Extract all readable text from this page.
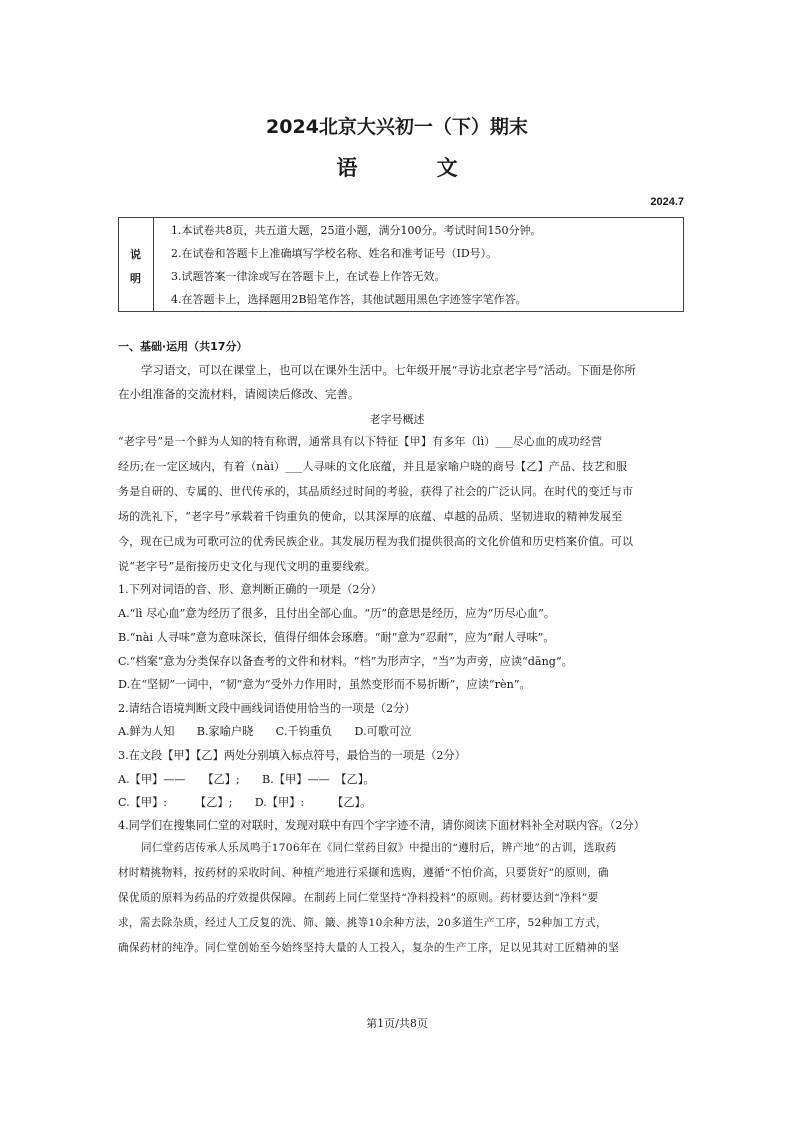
2024北京大兴初一（下）期末
语 文
2024.7
说
明
1.本试卷共8页，共五道大题，25道小题，满分100分。考试时间150分钟。
2.在试卷和答题卡上准确填写学校名称、姓名和准考证号（ID号）。
3.试题答案一律涂或写在答题卡上，在试卷上作答无效。
4.在答题卡上，选择题用2B铅笔作答，其他试题用黑色字迹签字笔作答。
一、基础·运用（共17分）
学习语文，可以在课堂上，也可以在课外生活中。七年级开展“寻访北京老字号”活动。下面是你所
在小组准备的交流材料，请阅读后修改、完善。
老字号概述
“老字号”是一个鲜为人知的特有称谓，通常具有以下特征【甲】有多年（lì）___尽心血的成功经营
经历;在一定区域内，有着（nài）___人寻味的文化底蕴，并且是家喻户晓的商号【乙】产品、技艺和服
务是自研的、专属的、世代传承的，其品质经过时间的考验，获得了社会的广泛认同。在时代的变迁与市
场的洗礼下，“老字号”承载着千钧重负的使命，以其深厚的底蕴、卓越的品质、坚韧进取的精神发展至
今，现在已成为可歌可泣的优秀民族企业。其发展历程为我们提供很高的文化价值和历史档案价值。可以
说“老字号”是衔接历史文化与现代文明的重要线索。
1.下列对词语的音、形、意判断正确的一项是（2分）
A.“lì 尽心血”意为经历了很多，且付出全部心血。“历”的意思是经历，应为“历尽心血”。
B.“nài 人寻味”意为意味深长，值得仔细体会琢磨。“耐”意为“忍耐”，应为“耐人寻味”。
C.“档案”意为分类保存以备查考的文件和材料。“档”为形声字，“当”为声旁，应读“dāng”。
D.在“坚韧”一词中，“韧”意为“受外力作用时，虽然变形而不易折断”，应读“rèn”。
2.请结合语境判断文段中画线词语使用恰当的一项是（2分）
A.鲜为人知　　B.家喻户晓　　C.千钧重负　　D.可歌可泣
3.在文段【甲】【乙】两处分别填入标点符号，最恰当的一项是（2分）
A.【甲】——　　【乙】;　　B.【甲】——　【乙】。
C.【甲】:　　　【乙】;　　D.【甲】:　　　【乙】。
4.同学们在搜集同仁堂的对联时，发现对联中有四个字字迹不清，请你阅读下面材料补全对联内容。（2分）
同仁堂药店传承人乐凤鸣于1706年在《同仁堂药目叙》中提出的“遵肘后，辨产地”的古训，选取药
材时精挑物料，按药材的采收时间、种植产地进行采撷和选购，遵循“不怕价高，只要货好”的原则，确
保优质的原料为药品的疗效提供保障。在制药上同仁堂坚持“净料投料”的原则。药材要达到“净料”要
求，需去除杂质，经过人工反复的洗、筛、簸、挑等10余种方法，20多道生产工序，52种加工方式，
确保药材的纯净。同仁堂创始至今始终坚持大量的人工投入，复杂的生产工序，足以见其对工匠精神的坚
第1页/共8页
